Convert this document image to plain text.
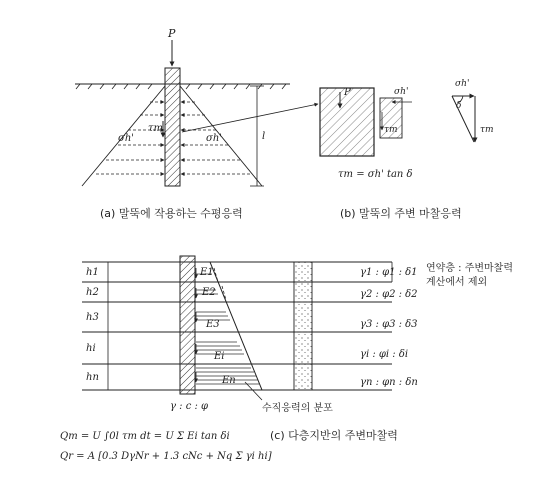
P
σh'	σh'
τm
l
(a) 말뚝에 작용하는 수평응력
P	σh'
τm
σh'
δ
τm
τm = σh' tan δ
(b) 말뚝의 주변 마찰응력
h1
h2
h3
hi
hn
E1
E2
E3
Ei
En
γ1 : φ1 : δ1
γ2 : φ2 : δ2
γ3 : φ3 : δ3
γi : φi : δi
γn : φn : δn
연약층 : 주변마찰력
계산에서 제외
γ : c : φ	수직응력의 분포
(c) 다층지반의 주변마찰력
Qm = U ∫0l τm dt = U Σ Ei tan δi
Qr = A [0.3 DγNr + 1.3 cNc + Nq Σ γi hi]
